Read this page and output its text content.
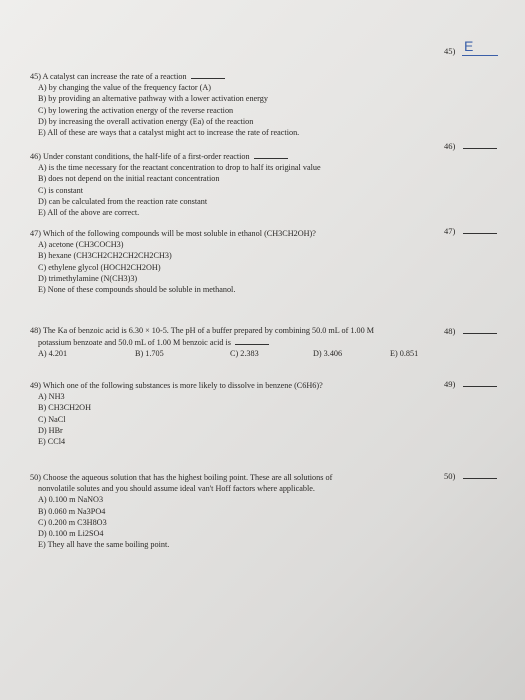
45) E
45) A catalyst can increase the rate of a reaction
A) by changing the value of the frequency factor (A)
B) by providing an alternative pathway with a lower activation energy
C) by lowering the activation energy of the reverse reaction
D) by increasing the overall activation energy (Ea) of the reaction
E) All of these are ways that a catalyst might act to increase the rate of reaction.
46)
46) Under constant conditions, the half-life of a first-order reaction
A) is the time necessary for the reactant concentration to drop to half its original value
B) does not depend on the initial reactant concentration
C) is constant
D) can be calculated from the reaction rate constant
E) All of the above are correct.
47)
47) Which of the following compounds will be most soluble in ethanol (CH3CH2OH)?
A) acetone (CH3COCH3)
B) hexane (CH3CH2CH2CH2CH2CH3)
C) ethylene glycol (HOCH2CH2OH)
D) trimethylamine (N(CH3)3)
E) None of these compounds should be soluble in methanol.
48)
48) The Ka of benzoic acid is 6.30 × 10-5. The pH of a buffer prepared by combining 50.0 mL of 1.00 M
potassium benzoate and 50.0 mL of 1.00 M benzoic acid is
A) 4.201	B) 1.705	C) 2.383	D) 3.406	E) 0.851
49)
49) Which one of the following substances is more likely to dissolve in benzene (C6H6)?
A) NH3
B) CH3CH2OH
C) NaCl
D) HBr
E) CCl4
50)
50) Choose the aqueous solution that has the highest boiling point. These are all solutions of
nonvolatile solutes and you should assume ideal van't Hoff factors where applicable.
A) 0.100 m NaNO3
B) 0.060 m Na3PO4
C) 0.200 m C3H8O3
D) 0.100 m Li2SO4
E) They all have the same boiling point.
